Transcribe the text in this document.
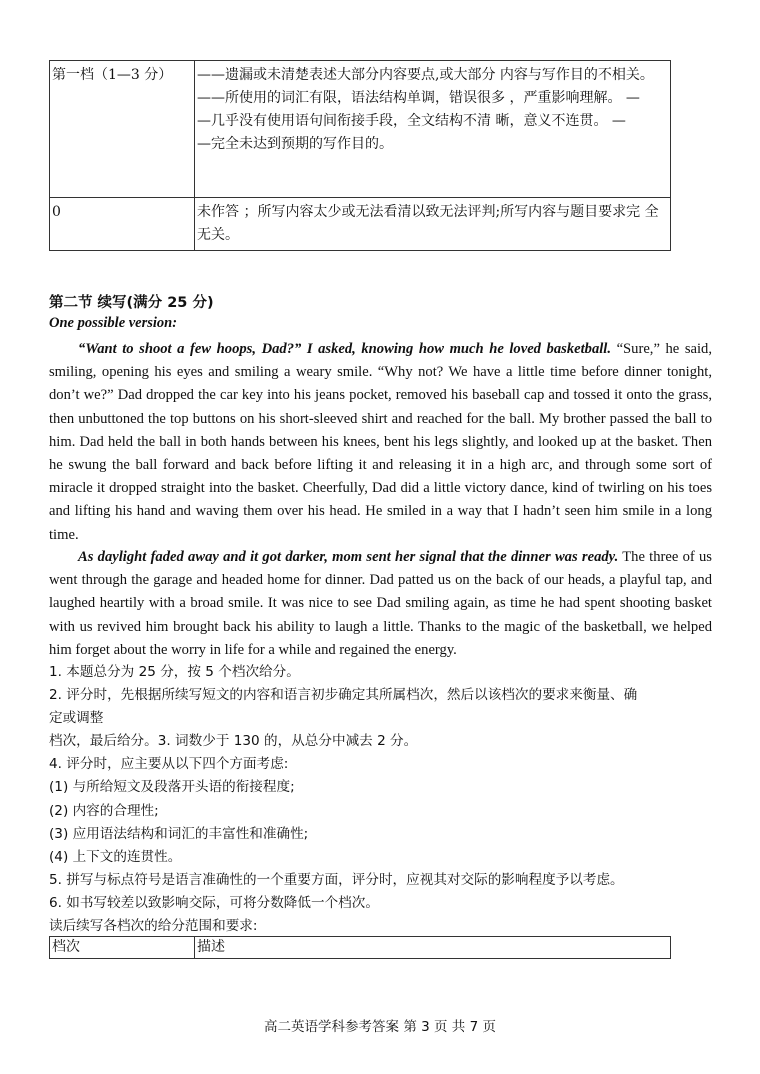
第一档（1—3 分）	——遗漏或未清楚表述大部分内容要点,或大部分 内容与写作目的不相关。
——所使用的词汇有限，语法结构单调，错误很多 ，严重影响理解。 —
—几乎没有使用语句间衔接手段，全文结构不清 晰，意义不连贯。 —
—完全未达到预期的写作目的。

0	未作答 ；所写内容太少或无法看清以致无法评判;所写内容与题目要求完 全无关。
第二节 续写(满分 25 分)
One possible version:

“Want to shoot a few hoops, Dad?” I asked, knowing how much he loved basketball. “Sure,” he said, smiling, opening his eyes and smiling a weary smile. “Why not? We have a little time before dinner tonight, don’t we?” Dad dropped the car key into his jeans pocket, removed his baseball cap and tossed it onto the grass, then unbuttoned the top buttons on his short-sleeved shirt and reached for the ball. My brother passed the ball to him. Dad held the ball in both hands between his knees, bent his legs slightly, and looked up at the basket. Then he swung the ball forward and back before lifting it and releasing it in a high arc, and through some sort of miracle it dropped straight into the basket. Cheerfully, Dad did a little victory dance, kind of twirling on his toes and lifting his hand and waving them over his head. He smiled in a way that I hadn’t seen him smile in a long time.

As daylight faded away and it got darker, mom sent her signal that the dinner was ready. The three of us went through the garage and headed home for dinner. Dad patted us on the back of our heads, a playful tap, and laughed heartily with a broad smile. It was nice to see Dad smiling again, as time he had spent shooting basket with us revived him brought back his ability to laugh a little. Thanks to the magic of the basketball, we helped him forget about the worry in life for a while and regained the energy.

1. 本题总分为 25 分，按 5 个档次给分。
2. 评分时，先根据所续写短文的内容和语言初步确定其所属档次，然后以该档次的要求来衡量、确
定或调整
档次，最后给分。3. 词数少于 130 的，从总分中减去 2 分。
4. 评分时，应主要从以下四个方面考虑:
(1) 与所给短文及段落开头语的衔接程度;
(2) 内容的合理性;
(3) 应用语法结构和词汇的丰富性和准确性;
(4) 上下文的连贯性。
5. 拼写与标点符号是语言准确性的一个重要方面，评分时，应视其对交际的影响程度予以考虑。
6. 如书写较差以致影响交际，可将分数降低一个档次。
读后续写各档次的给分范围和要求:
档次	描述
高二英语学科参考答案 第 3 页 共 7 页
